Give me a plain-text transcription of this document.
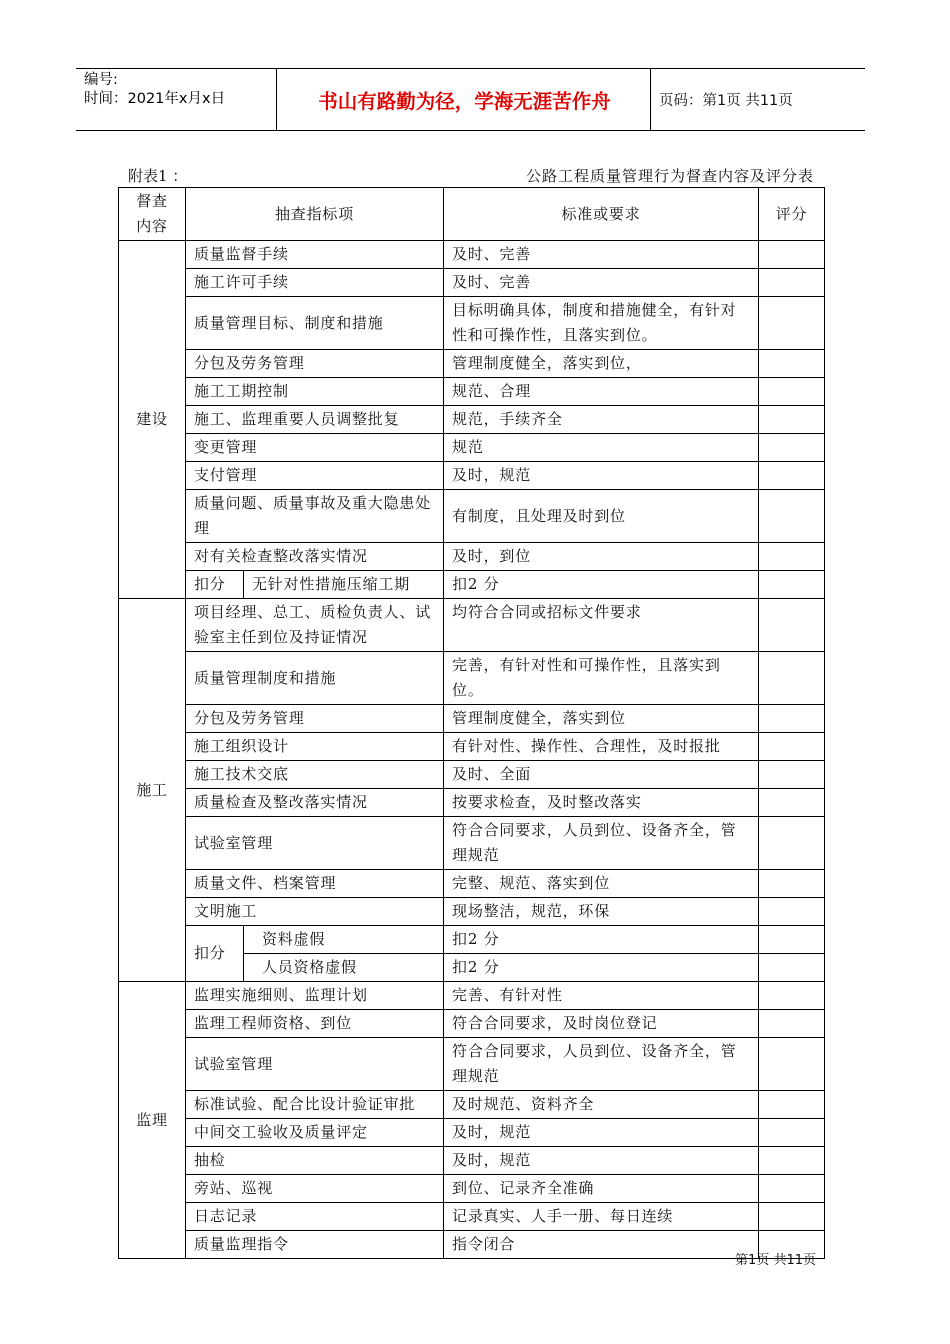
编号:
时间：2021年x月x日	书山有路勤为径，学海无涯苦作舟	页码：第1页 共11页
附表1 ：	公路工程质量管理行为督查内容及评分表
督查
内容	抽查指标项		标准或要求	评分
建设	质量监督手续		及时、完善	
	施工许可手续		及时、完善	
	质量管理目标、制度和措施		目标明确具体，制度和措施健全，有针对性和可操作性，且落实到位。	
	分包及劳务管理		管理制度健全，落实到位，	
	施工工期控制		规范、合理	
	施工、监理重要人员调整批复		规范，手续齐全	
	变更管理		规范	
	支付管理		及时，规范	
	质量问题、质量事故及重大隐患处理		有制度，且处理及时到位	
	对有关检查整改落实情况		及时，到位	
	扣分	无针对性措施压缩工期	扣2 分	
施工	项目经理、总工、质检负责人、试验室主任到位及持证情况		均符合合同或招标文件要求	
	质量管理制度和措施		完善，有针对性和可操作性，且落实到位。	
	分包及劳务管理		管理制度健全，落实到位	
	施工组织设计		有针对性、操作性、合理性，及时报批	
	施工技术交底		及时、全面	
	质量检查及整改落实情况		按要求检查，及时整改落实	
	试验室管理		符合合同要求，人员到位、设备齐全，管理规范	
	质量文件、档案管理		完整、规范、落实到位	
	文明施工		现场整洁，规范，环保	
	扣分	资料虚假	扣2 分	
		人员资格虚假	扣2 分	
监理	监理实施细则、监理计划		完善、有针对性	
	监理工程师资格、到位		符合合同要求，及时岗位登记	
	试验室管理		符合合同要求，人员到位、设备齐全，管理规范	
	标准试验、配合比设计验证审批		及时规范、资料齐全	
	中间交工验收及质量评定		及时，规范	
	抽检		及时，规范	
	旁站、巡视		到位、记录齐全准确	
	日志记录		记录真实、人手一册、每日连续	
	质量监理指令		指令闭合	
第1页 共11页
